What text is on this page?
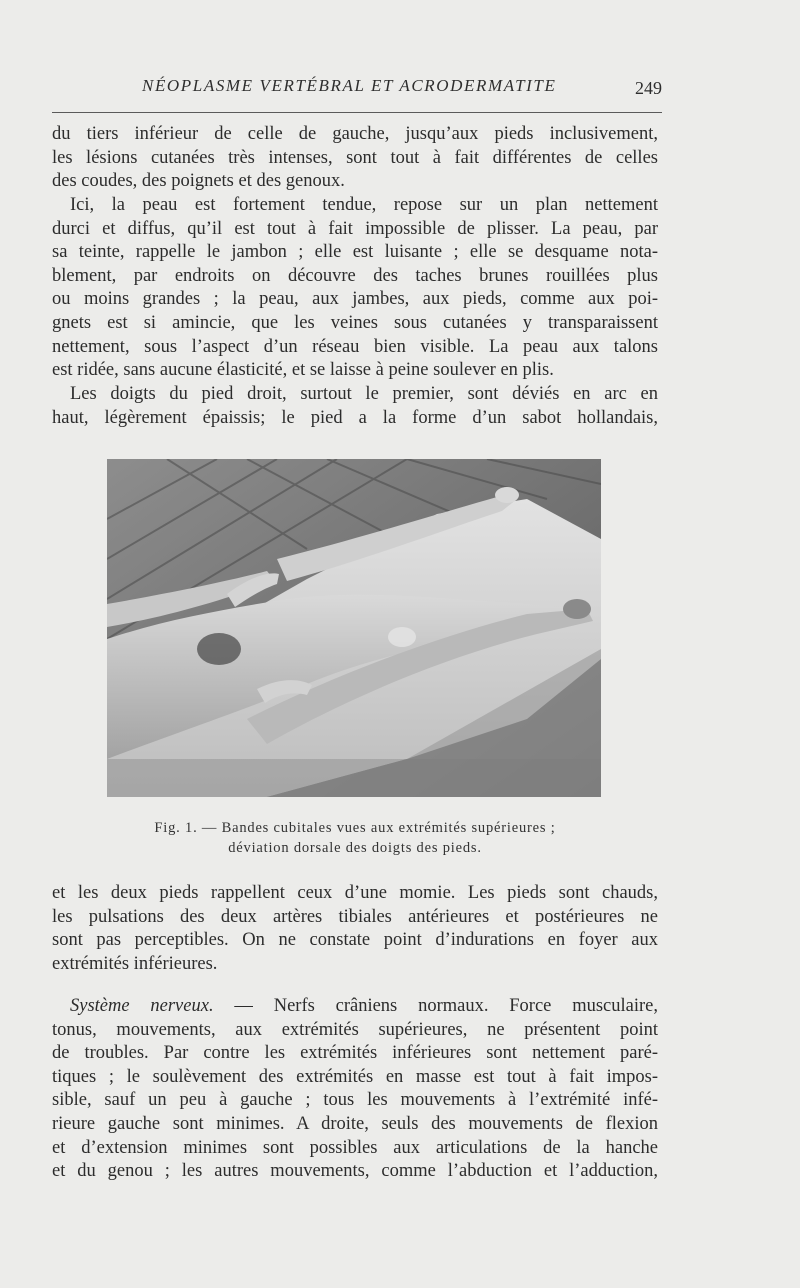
NÉOPLASME VERTÉBRAL ET ACRODERMATITE	249

du tiers inférieur de celle de gauche, jusqu’aux pieds inclusivement,
les lésions cutanées très intenses, sont tout à fait différentes de celles
des coudes, des poignets et des genoux.

Ici, la peau est fortement tendue, repose sur un plan nettement
durci et diffus, qu’il est tout à fait impossible de plisser. La peau, par
sa teinte, rappelle le jambon ; elle est luisante ; elle se desquame nota-
blement, par endroits on découvre des taches brunes rouillées plus
ou moins grandes ; la peau, aux jambes, aux pieds, comme aux poi-
gnets est si amincie, que les veines sous cutanées y transparaissent
nettement, sous l’aspect d’un réseau bien visible. La peau aux talons
est ridée, sans aucune élasticité, et se laisse à peine soulever en plis.

Les doigts du pied droit, surtout le premier, sont déviés en arc en
haut, légèrement épaissis; le pied a la forme d’un sabot hollandais,

Fig. 1. — Bandes cubitales vues aux extrémités supérieures ;
déviation dorsale des doigts des pieds.

et les deux pieds rappellent ceux d’une momie. Les pieds sont chauds,
les pulsations des deux artères tibiales antérieures et postérieures ne
sont pas perceptibles. On ne constate point d’indurations en foyer aux
extrémités inférieures.

Système nerveux. — Nerfs crâniens normaux. Force musculaire,
tonus, mouvements, aux extrémités supérieures, ne présentent point
de troubles. Par contre les extrémités inférieures sont nettement paré-
tiques ; le soulèvement des extrémités en masse est tout à fait impos-
sible, sauf un peu à gauche ; tous les mouvements à l’extrémité infé-
rieure gauche sont minimes. A droite, seuls des mouvements de flexion
et d’extension minimes sont possibles aux articulations de la hanche
et du genou ; les autres mouvements, comme l’abduction et l’adduction,
